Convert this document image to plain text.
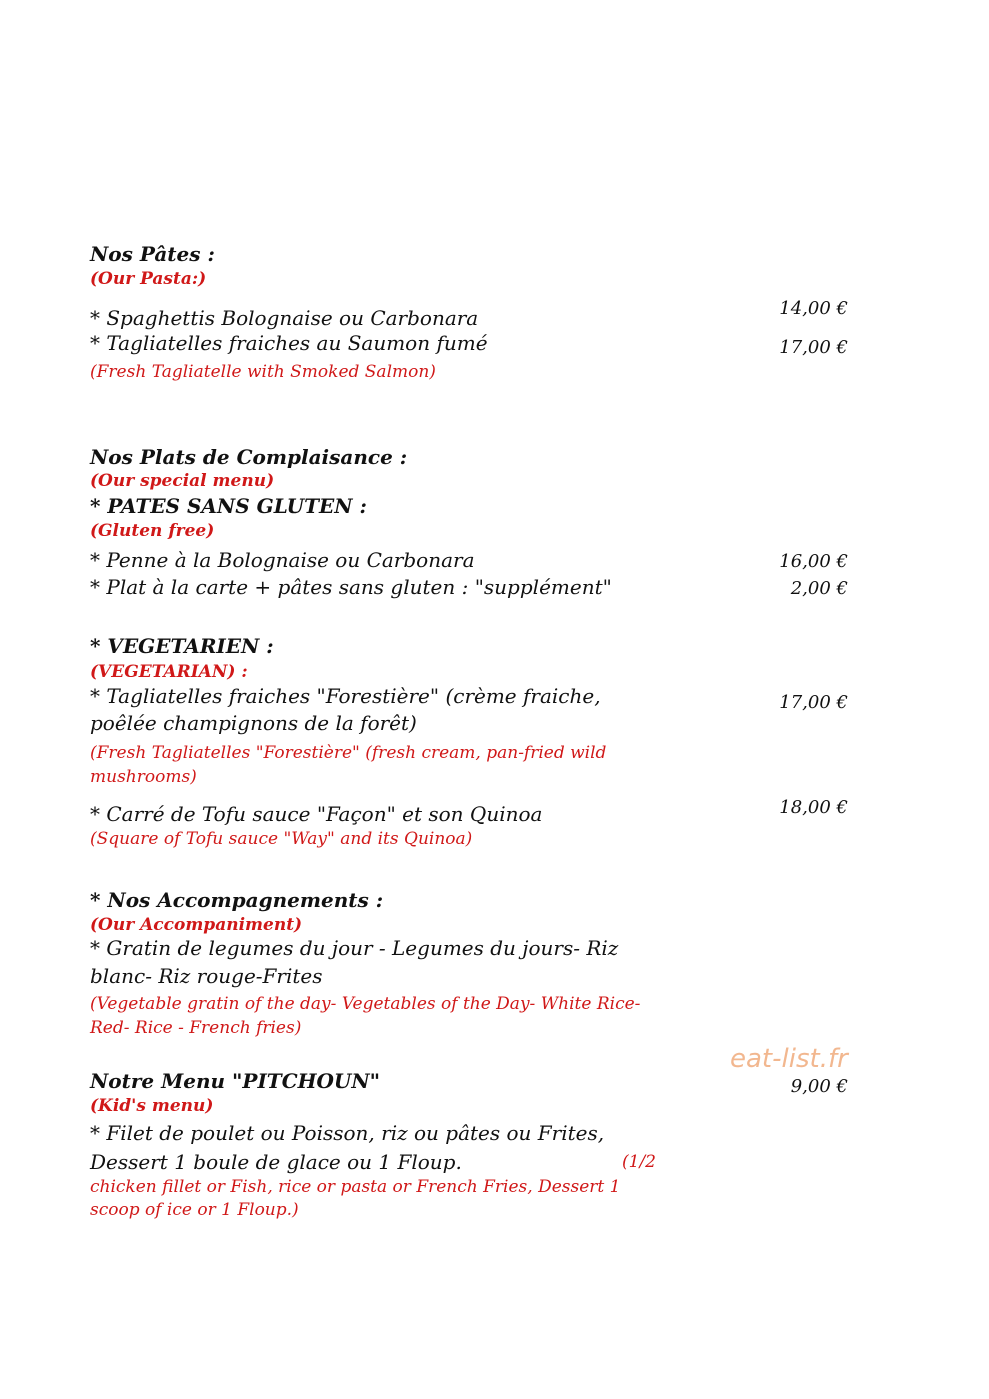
Nos Pâtes :
(Our Pasta:)
* Spaghettis Bolognaise ou Carbonara	14,00 €
* Tagliatelles fraiches au Saumon fumé	17,00 €
(Fresh Tagliatelle with Smoked Salmon)
Nos Plats de Complaisance :
(Our special menu)
* PATES SANS GLUTEN :
(Gluten free)
* Penne à la Bolognaise ou Carbonara	16,00 €
* Plat à la carte + pâtes sans gluten : "supplément"	2,00 €
* VEGETARIEN :
(VEGETARIAN) :
* Tagliatelles fraiches "Forestière" (crème fraiche,	17,00 €
poêlée champignons de la forêt)
(Fresh Tagliatelles "Forestière" (fresh cream, pan-fried wild
mushrooms)
* Carré de Tofu sauce "Façon" et son Quinoa	18,00 €
(Square of Tofu sauce "Way" and its Quinoa)
* Nos Accompagnements :
(Our Accompaniment)
* Gratin de legumes du jour - Legumes du jours- Riz
blanc- Riz rouge-Frites
(Vegetable gratin of the day- Vegetables of the Day- White Rice-
Red- Rice - French fries)
eat-list.fr
Notre Menu "PITCHOUN"	9,00 €
(Kid's menu)
* Filet de poulet ou Poisson, riz ou pâtes ou Frites,
Dessert 1 boule de glace ou 1 Floup.	(1/2
chicken fillet or Fish, rice or pasta or French Fries, Dessert 1
scoop of ice or 1 Floup.)
